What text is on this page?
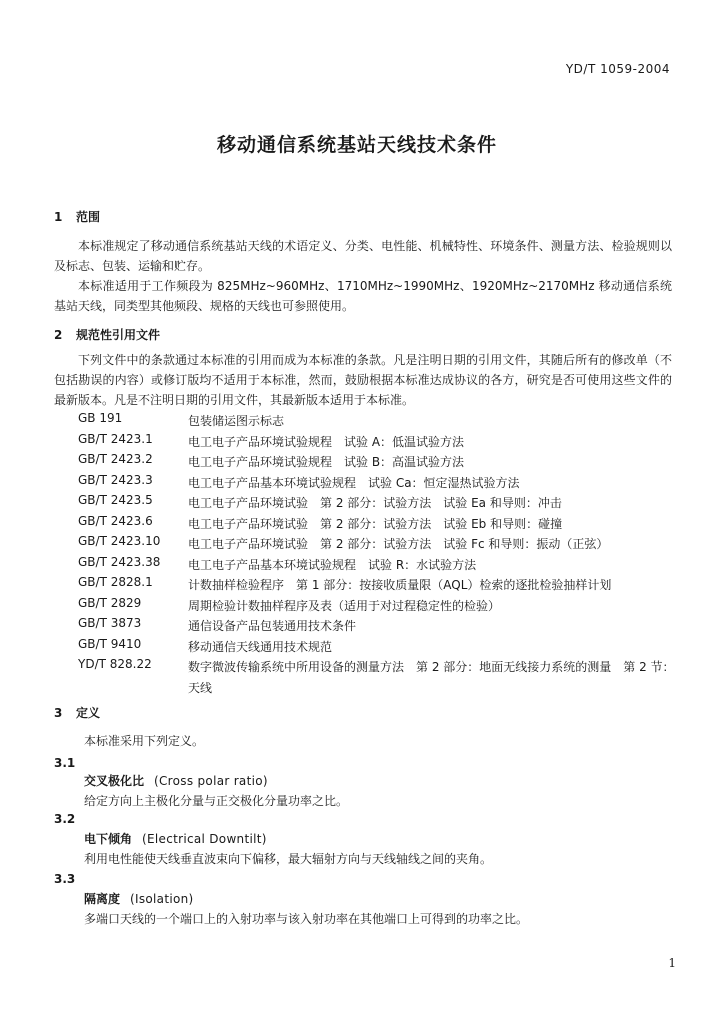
YD/T 1059-2004
移动通信系统基站天线技术条件
1 范围

本标准规定了移动通信系统基站天线的术语定义、分类、电性能、机械特性、环境条件、测量方法、检验规则以及标志、包装、运输和贮存。

本标准适用于工作频段为 825MHz~960MHz、1710MHz~1990MHz、1920MHz~2170MHz 移动通信系统基站天线，同类型其他频段、规格的天线也可参照使用。

2 规范性引用文件

下列文件中的条款通过本标准的引用而成为本标准的条款。凡是注明日期的引用文件，其随后所有的修改单（不包括勘误的内容）或修订版均不适用于本标准，然而，鼓励根据本标准达成协议的各方，研究是否可使用这些文件的最新版本。凡是不注明日期的引用文件，其最新版本适用于本标准。

GB 191	包装储运图示标志
GB/T 2423.1	电工电子产品环境试验规程　试验 A：低温试验方法
GB/T 2423.2	电工电子产品环境试验规程　试验 B：高温试验方法
GB/T 2423.3	电工电子产品基本环境试验规程　试验 Ca：恒定湿热试验方法
GB/T 2423.5	电工电子产品环境试验　第 2 部分：试验方法　试验 Ea 和导则：冲击
GB/T 2423.6	电工电子产品环境试验　第 2 部分：试验方法　试验 Eb 和导则：碰撞
GB/T 2423.10	电工电子产品环境试验　第 2 部分：试验方法　试验 Fc 和导则：振动（正弦）
GB/T 2423.38	电工电子产品基本环境试验规程　试验 R：水试验方法
GB/T 2828.1	计数抽样检验程序　第 1 部分：按接收质量限（AQL）检索的逐批检验抽样计划
GB/T 2829	周期检验计数抽样程序及表（适用于对过程稳定性的检验）
GB/T 3873	通信设备产品包装通用技术条件
GB/T 9410	移动通信天线通用技术规范
YD/T 828.22	数字微波传输系统中所用设备的测量方法　第 2 部分：地面无线接力系统的测量　第 2 节：天线
3 定义
本标准采用下列定义。
3.1
交叉极化比 (Cross polar ratio)
给定方向上主极化分量与正交极化分量功率之比。
3.2
电下倾角 (Electrical Downtilt)
利用电性能使天线垂直波束向下偏移，最大辐射方向与天线轴线之间的夹角。
3.3
隔离度 (Isolation)
多端口天线的一个端口上的入射功率与该入射功率在其他端口上可得到的功率之比。
1
